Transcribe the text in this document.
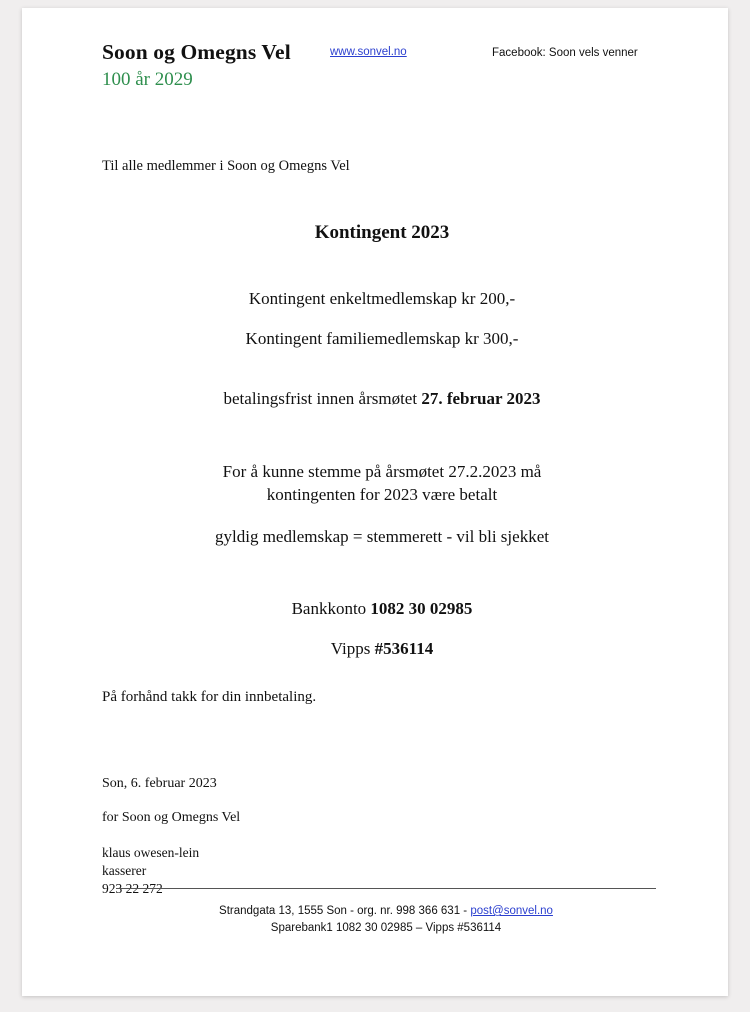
Soon og Omegns Vel
100 år 2029
www.sonvel.no	Facebook: Soon vels venner
Til alle medlemmer i Soon og Omegns Vel
Kontingent 2023
Kontingent enkeltmedlemskap kr 200,-
Kontingent familiemedlemskap kr 300,-
betalingsfrist innen årsmøtet 27. februar 2023
For å kunne stemme på årsmøtet 27.2.2023 må
kontingenten for 2023 være betalt
gyldig medlemskap = stemmerett - vil bli sjekket
Bankkonto 1082 30 02985
Vipps #536114
På forhånd takk for din innbetaling.
Son, 6. februar 2023
for Soon og Omegns Vel
klaus owesen-lein
kasserer
923 22 272
Strandgata 13, 1555 Son - org. nr. 998 366 631 - post@sonvel.no
Sparebank1 1082 30 02985 – Vipps #536114
